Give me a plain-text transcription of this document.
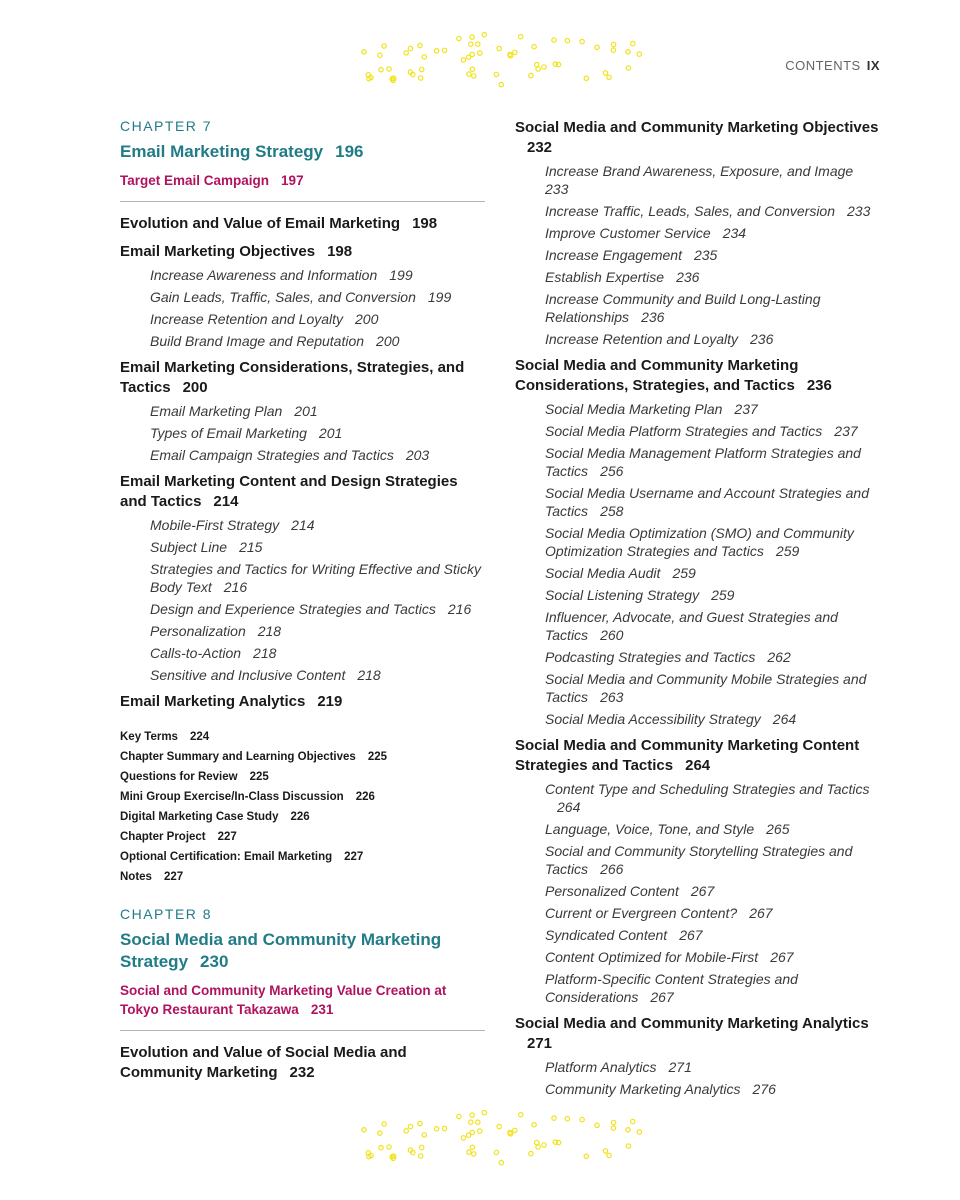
CONTENTS IX
CHAPTER 7
Email Marketing Strategy 196
Target Email Campaign 197
Evolution and Value of Email Marketing 198
Email Marketing Objectives 198
Increase Awareness and Information 199
Gain Leads, Traffic, Sales, and Conversion 199
Increase Retention and Loyalty 200
Build Brand Image and Reputation 200
Email Marketing Considerations, Strategies, and Tactics 200
Email Marketing Plan 201
Types of Email Marketing 201
Email Campaign Strategies and Tactics 203
Email Marketing Content and Design Strategies and Tactics 214
Mobile-First Strategy 214
Subject Line 215
Strategies and Tactics for Writing Effective and Sticky Body Text 216
Design and Experience Strategies and Tactics 216
Personalization 218
Calls-to-Action 218
Sensitive and Inclusive Content 218
Email Marketing Analytics 219
Key Terms 224
Chapter Summary and Learning Objectives 225
Questions for Review 225
Mini Group Exercise/In-Class Discussion 226
Digital Marketing Case Study 226
Chapter Project 227
Optional Certification: Email Marketing 227
Notes 227
CHAPTER 8
Social Media and Community Marketing Strategy 230
Social and Community Marketing Value Creation at Tokyo Restaurant Takazawa 231
Evolution and Value of Social Media and Community Marketing 232
Social Media and Community Marketing Objectives232
Increase Brand Awareness, Exposure, and Image233
Increase Traffic, Leads, Sales, and Conversion 233
Improve Customer Service 234
Increase Engagement 235
Establish Expertise 236
Increase Community and Build Long-Lasting Relationships 236
Increase Retention and Loyalty 236
Social Media and Community Marketing Considerations, Strategies, and Tactics 236
Social Media Marketing Plan 237
Social Media Platform Strategies and Tactics 237
Social Media Management Platform Strategies and Tactics 256
Social Media Username and Account Strategies and Tactics 258
Social Media Optimization (SMO) and Community Optimization Strategies and Tactics 259
Social Media Audit 259
Social Listening Strategy 259
Influencer, Advocate, and Guest Strategies and Tactics 260
Podcasting Strategies and Tactics 262
Social Media and Community Mobile Strategies and Tactics 263
Social Media Accessibility Strategy 264
Social Media and Community Marketing Content Strategies and Tactics 264
Content Type and Scheduling Strategies and Tactics264
Language, Voice, Tone, and Style 265
Social and Community Storytelling Strategies and Tactics 266
Personalized Content 267
Current or Evergreen Content? 267
Syndicated Content 267
Content Optimized for Mobile-First 267
Platform-Specific Content Strategies and Considerations 267
Social Media and Community Marketing Analytics271
Platform Analytics 271
Community Marketing Analytics 276
